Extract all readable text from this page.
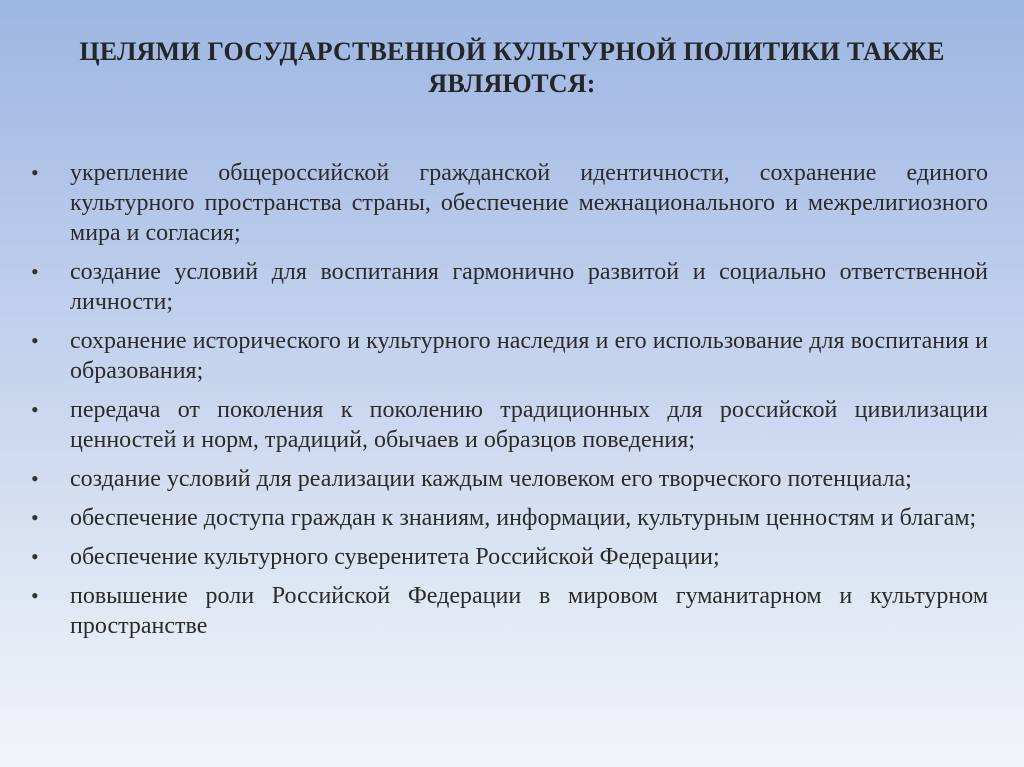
ЦЕЛЯМИ ГОСУДАРСТВЕННОЙ КУЛЬТУРНОЙ ПОЛИТИКИ ТАКЖЕ ЯВЛЯЮТСЯ:
• укрепление общероссийской гражданской идентичности, сохранение единого культурного пространства страны, обеспечение межнационального и межрелигиозного мира и согласия;
• создание условий для воспитания гармонично развитой и социально ответственной личности;
• сохранение исторического и культурного наследия и его использование для воспитания и образования;
• передача от поколения к поколению традиционных для российской цивилизации ценностей и норм, традиций, обычаев и образцов поведения;
• создание условий для реализации каждым человеком его творческого потенциала;
• обеспечение доступа граждан к знаниям, информации, культурным ценностям и благам;
• обеспечение культурного суверенитета Российской Федерации;
• повышение роли Российской Федерации в мировом гуманитарном и культурном пространстве
